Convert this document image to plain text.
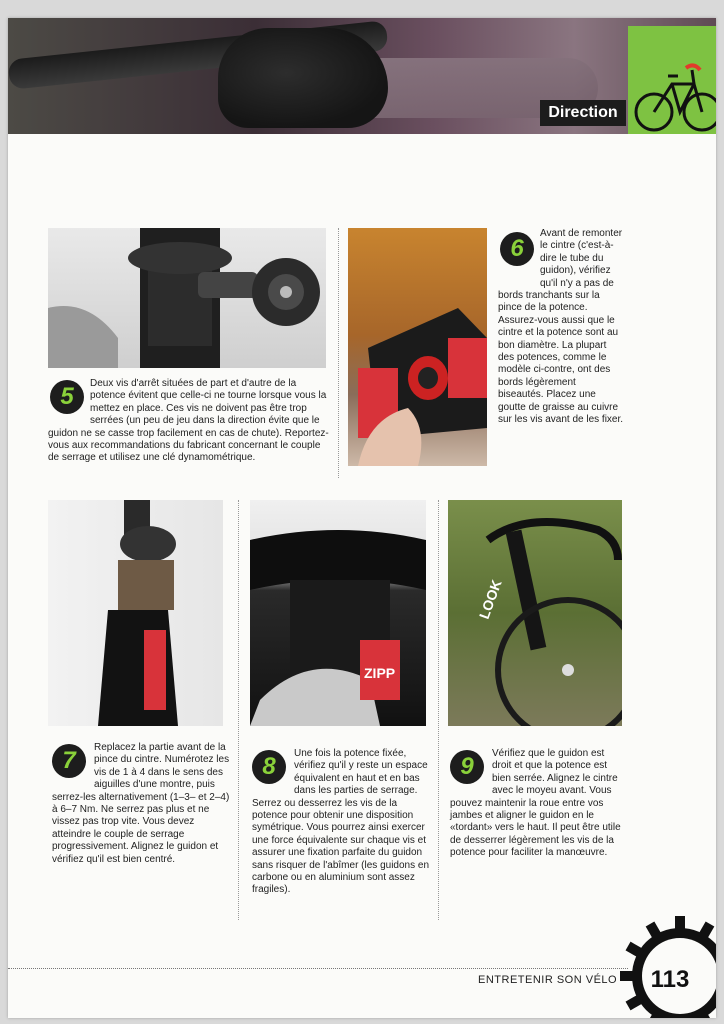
Direction
5	Deux vis d'arrêt situées de part et d'autre de la potence évitent que celle-ci ne tourne lorsque vous la mettez en place. Ces vis ne doivent pas être trop serrées (un peu de jeu dans la direction évite que le guidon ne se casse trop facilement en cas de chute). Reportez-vous aux recommandations du fabricant concernant le couple de serrage et utilisez une clé dynamométrique.

6

Avant de remonter le cintre (c'est-à-dire le tube du guidon), vérifiez qu'il n'y a pas de bords tranchants sur la pince de la potence. Assurez-vous aussi que le cintre et la potence sont au bon diamètre. La plupart des potences, comme le modèle ci-contre, ont des bords légèrement biseautés. Placez une goutte de graisse au cuivre sur les vis avant de les fixer.

ZIPP
LOOK
7	Replacez la partie avant de la pince du cintre. Numérotez les vis de 1 à 4 dans le sens des aiguilles d'une montre, puis serrez-les alternativement (1–3– et 2–4) à 6–7 Nm. Ne serrez pas plus et ne vissez pas trop vite. Vous devez atteindre le couple de serrage progressivement. Alignez le guidon et vérifiez qu'il est bien centré.

8	Une fois la potence fixée, vérifiez qu'il y reste un espace équivalent en haut et en bas dans les parties de serrage. Serrez ou desserrez les vis de la potence pour obtenir une disposition symétrique. Vous pourrez ainsi exercer une force équivalente sur chaque vis et assurer une fixation parfaite du guidon sans risquer de l'abîmer (les guidons en carbone ou en aluminium sont assez fragiles).

9	Vérifiez que le guidon est droit et que la potence est bien serrée. Alignez le cintre avec le moyeu avant. Vous pouvez maintenir la roue entre vos jambes et aligner le guidon en le «tordant» vers le haut. Il peut être utile de desserrer légèrement les vis de la potence pour faciliter la manœuvre.

ENTRETENIR SON VÉLO	113
